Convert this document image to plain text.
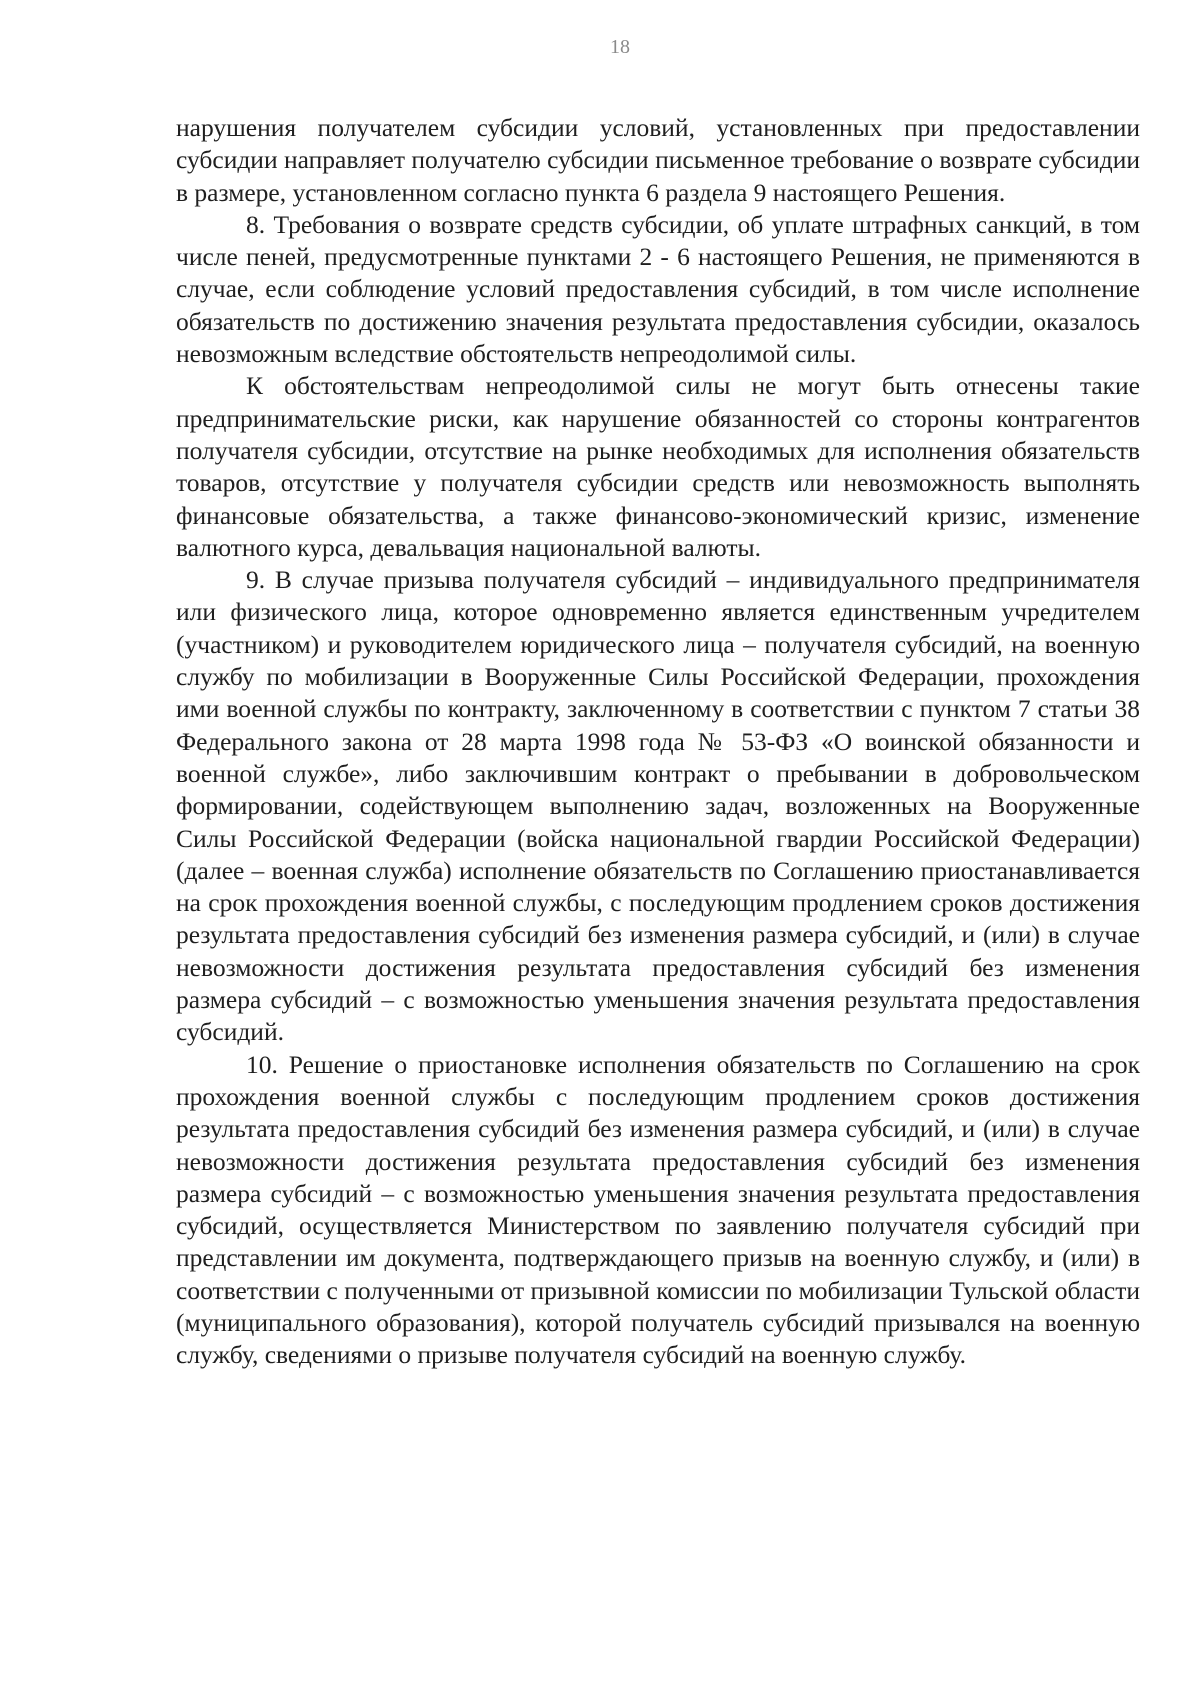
18

нарушения получателем субсидии условий, установленных при предоставлении субсидии направляет получателю субсидии письменное требование о возврате субсидии в размере, установленном согласно пункта 6 раздела 9 настоящего Решения.

8. Требования о возврате средств субсидии, об уплате штрафных санкций, в том числе пеней, предусмотренные пунктами 2 - 6 настоящего Решения, не применяются в случае, если соблюдение условий предоставления субсидий, в том числе исполнение обязательств по достижению значения результата предоставления субсидии, оказалось невозможным вследствие обстоятельств непреодолимой силы.

К обстоятельствам непреодолимой силы не могут быть отнесены такие предпринимательские риски, как нарушение обязанностей со стороны контрагентов получателя субсидии, отсутствие на рынке необходимых для исполнения обязательств товаров, отсутствие у получателя субсидии средств или невозможность выполнять финансовые обязательства, а также финансово-экономический кризис, изменение валютного курса, девальвация национальной валюты.

9. В случае призыва получателя субсидий – индивидуального предпринимателя или физического лица, которое одновременно является единственным учредителем (участником) и руководителем юридического лица – получателя субсидий, на военную службу по мобилизации в Вооруженные Силы Российской Федерации, прохождения ими военной службы по контракту, заключенному в соответствии с пунктом 7 статьи 38 Федерального закона от 28 марта 1998 года № 53-ФЗ «О воинской обязанности и военной службе», либо заключившим контракт о пребывании в добровольческом формировании, содействующем выполнению задач, возложенных на Вооруженные Силы Российской Федерации (войска национальной гвардии Российской Федерации) (далее – военная служба) исполнение обязательств по Соглашению приостанавливается на срок прохождения военной службы, с последующим продлением сроков достижения результата предоставления субсидий без изменения размера субсидий, и (или) в случае невозможности достижения результата предоставления субсидий без изменения размера субсидий – с возможностью уменьшения значения результата предоставления субсидий.

10. Решение о приостановке исполнения обязательств по Соглашению на срок прохождения военной службы с последующим продлением сроков достижения результата предоставления субсидий без изменения размера субсидий, и (или) в случае невозможности достижения результата предоставления субсидий без изменения размера субсидий – с возможностью уменьшения значения результата предоставления субсидий, осуществляется Министерством по заявлению получателя субсидий при представлении им документа, подтверждающего призыв на военную службу, и (или) в соответствии с полученными от призывной комиссии по мобилизации Тульской области (муниципального образования), которой получатель субсидий призывался на военную службу, сведениями о призыве получателя субсидий на военную службу.
